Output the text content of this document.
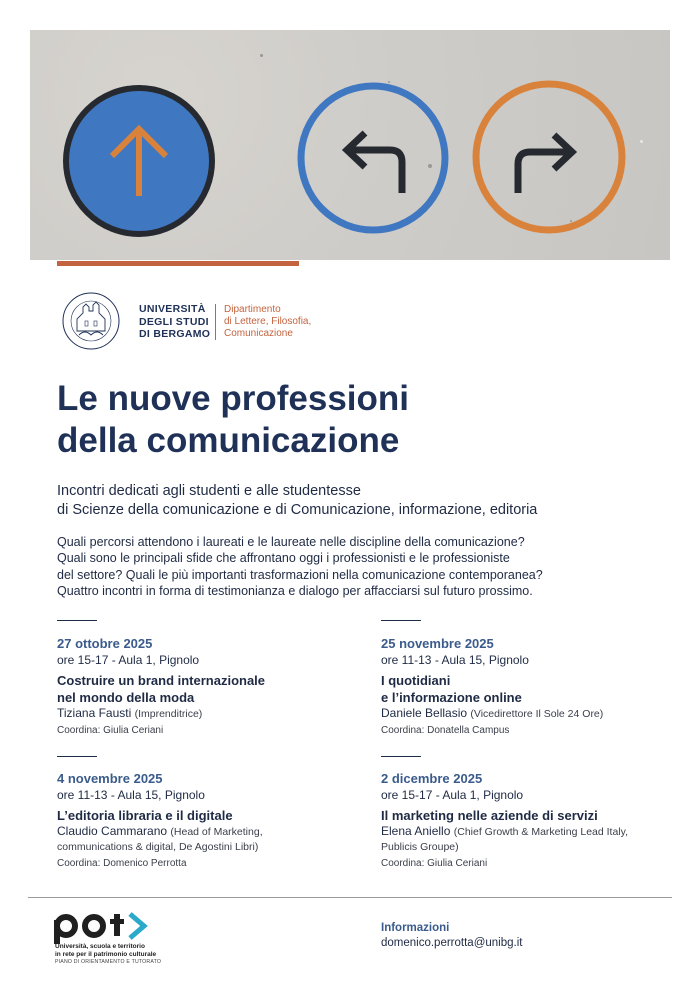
UNIVERSITÀ
DEGLI STUDI
DI BERGAMO
Dipartimento
di Lettere, Filosofia,
Comunicazione
Le nuove professioni
della comunicazione
Incontri dedicati agli studenti e alle studentesse
di Scienze della comunicazione e di Comunicazione, informazione, editoria
Quali percorsi attendono i laureati e le laureate nelle discipline della comunicazione?
Quali sono le principali sfide che affrontano oggi i professionisti e le professioniste
del settore? Quali le più importanti trasformazioni nella comunicazione contemporanea?
Quattro incontri in forma di testimonianza e dialogo per affacciarsi sul futuro prossimo.
27 ottobre 2025
ore 15-17 - Aula 1, Pignolo
Costruire un brand internazionale
nel mondo della moda
Tiziana Fausti (Imprenditrice)
Coordina: Giulia Ceriani
25 novembre 2025
ore 11-13 - Aula 15, Pignolo
I quotidiani
e l’informazione online
Daniele Bellasio (Vicedirettore Il Sole 24 Ore)
Coordina: Donatella Campus
4 novembre 2025
ore 11-13 - Aula 15, Pignolo
L’editoria libraria e il digitale
Claudio Cammarano (Head of Marketing,
communications & digital, De Agostini Libri)
Coordina: Domenico Perrotta
2 dicembre 2025
ore 15-17 - Aula 1, Pignolo
Il marketing nelle aziende di servizi
Elena Aniello (Chief Growth & Marketing Lead Italy,
Publicis Groupe)
Coordina: Giulia Ceriani
Università, scuola e territorio
in rete per il patrimonio culturale
PIANO DI ORIENTAMENTO E TUTORATO
Informazioni
domenico.perrotta@unibg.it
